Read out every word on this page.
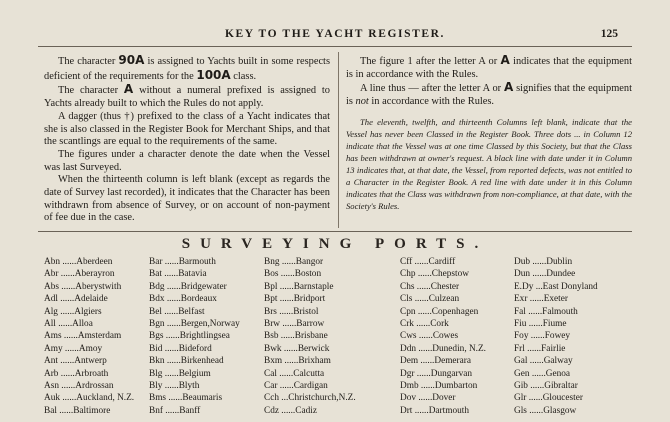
KEY TO THE YACHT REGISTER.	125

The character 90A is assigned to Yachts built in some respects deficient of the requirements for the 100A class.

The character A without a numeral prefixed is assigned to Yachts already built to which the Rules do not apply.

A dagger (thus †) prefixed to the class of a Yacht indicates that she is also classed in the Register Book for Merchant Ships, and that the scantlings are equal to the requirements of the same.

The figures under a character denote the date when the Vessel was last Surveyed.

When the thirteenth column is left blank (except as regards the date of Survey last recorded), it indicates that the Character has been withdrawn from absence of Survey, or on account of non-payment of fee due in the case.

The figure 1 after the letter A or A indicates that the equipment is in accordance with the Rules.

A line thus — after the letter A or A signifies that the equipment is not in accordance with the Rules.

The eleventh, twelfth, and thirteenth Columns left blank, indicate that the Vessel has never been Classed in the Register Book. Three dots ... in Column 12 indicate that the Vessel was at one time Classed by this Society, but that the Class has been withdrawn at owner's request. A black line with date under it in Column 13 indicates that, at that date, the Vessel, from reported defects, was not entitled to a Character in the Register Book. A red line with date under it in this Column indicates that the Class was withdrawn from non-compliance, at that date, with the Society's Rules.

SURVEYING PORTS.
Abn ......Aberdeen
Abr ......Aberayron
Abs ......Aberystwith
Adl ......Adelaide
Alg ......Algiers
All ......Alloa
Ams ......Amsterdam
Amy ......Amoy
Ant ......Antwerp
Arb ......Arbroath
Asn ......Ardrossan
Auk ......Auckland, N.Z.
Bal ......Baltimore
Bar ......Barmouth
Bat ......Batavia
Bdg ......Bridgewater
Bdx ......Bordeaux
Bel ......Belfast
Bgn ......Bergen,Norway
Bgs ......Brightlingsea
Bid ......Bideford
Bkn ......Birkenhead
Blg ......Belgium
Bly ......Blyth
Bms ......Beaumaris
Bnf ......Banff
Bng ......Bangor
Bos ......Boston
Bpl ......Barnstaple
Bpt ......Bridport
Brs ......Bristol
Brw ......Barrow
Bsb ......Brisbane
Bwk ......Berwick
Bxm ......Brixham
Cal ......Calcutta
Car ......Cardigan
Cch ...Christchurch,N.Z.
Cdz ......Cadiz
Cff ......Cardiff
Chp ......Chepstow
Chs ......Chester
Cls ......Culzean
Cpn ......Copenhagen
Crk ......Cork
Cws ......Cowes
Ddn ......Dunedin, N.Z.
Dem ......Demerara
Dgr ......Dungarvan
Dmb ......Dumbarton
Dov ......Dover
Drt ......Dartmouth
Dub ......Dublin
Dun ......Dundee
E.Dy ...East Donyland
Exr ......Exeter
Fal ......Falmouth
Fiu ......Fiume
Foy ......Fowey
Frl ......Fairlie
Gal ......Galway
Gen ......Genoa
Gib ......Gibraltar
Glr ......Gloucester
Gls ......Glasgow
